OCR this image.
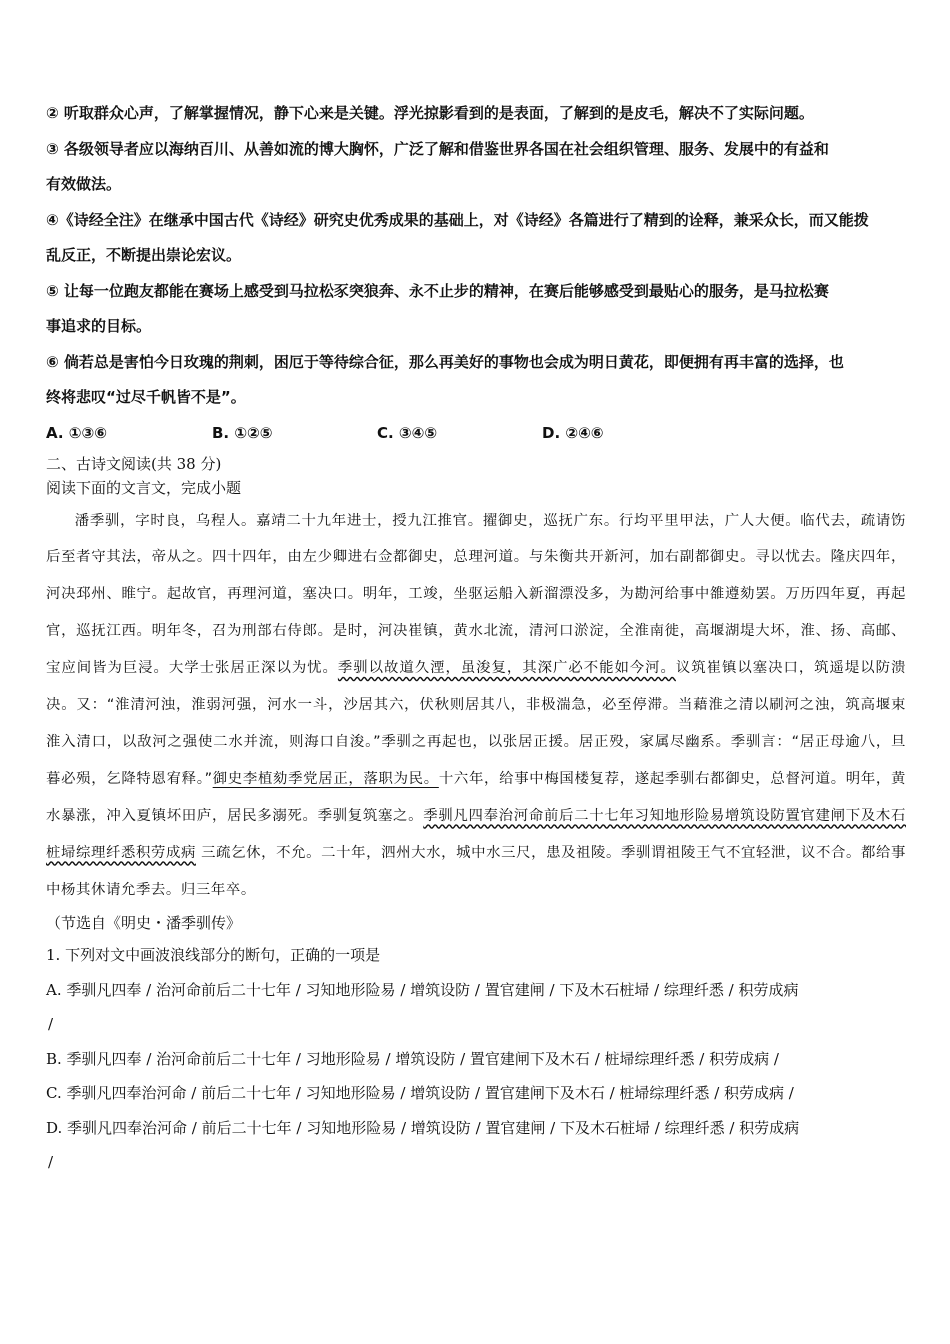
② 听取群众心声，了解掌握情况，静下心来是关键。浮光掠影看到的是表面，了解到的是皮毛，解决不了实际问题。

③ 各级领导者应以海纳百川、从善如流的博大胸怀，广泛了解和借鉴世界各国在社会组织管理、服务、发展中的有益和

有效做法。

④《诗经全注》在继承中国古代《诗经》研究史优秀成果的基础上，对《诗经》各篇进行了精到的诠释，兼采众长，而又能拨

乱反正，不断提出崇论宏议。

⑤ 让每一位跑友都能在赛场上感受到马拉松豕突狼奔、永不止步的精神，在赛后能够感受到最贴心的服务，是马拉松赛

事追求的目标。

⑥ 倘若总是害怕今日玫瑰的荆刺，困厄于等待综合征，那么再美好的事物也会成为明日黄花，即便拥有再丰富的选择，也

终将悲叹“过尽千帆皆不是”。

A. ①③⑥	B. ①②⑤	C. ③④⑤	D. ②④⑥
二、古诗文阅读(共 38 分)
阅读下面的文言文，完成小题

潘季驯，字时良，乌程人。嘉靖二十九年进士，授九江推官。擢御史，巡抚广东。行均平里甲法，广人大便。临代去，疏请饬后至者守其法，帝从之。四十四年，由左少卿进右佥都御史，总理河道。与朱衡共开新河，加右副都御史。寻以忧去。隆庆四年，河决邳州、睢宁。起故官，再理河道，塞决口。明年，工竣，坐驱运船入新溜漂没多，为勘河给事中雒遵劾罢。万历四年夏，再起官，巡抚江西。明年冬，召为刑部右侍郎。是时，河决崔镇，黄水北流，清河口淤淀，全淮南徙，高堰湖堤大坏，淮、扬、高邮、宝应间皆为巨浸。大学士张居正深以为忧。季驯以故道久湮，虽浚复，其深广必不能如今河。议筑崔镇以塞决口，筑遥堤以防溃决。又：“淮清河浊，淮弱河强，河水一斗，沙居其六，伏秋则居其八，非极湍急，必至停滞。当藉淮之清以刷河之浊，筑高堰束淮入清口，以敌河之强使二水并流，则海口自浚。”季驯之再起也，以张居正援。居正殁，家属尽幽系。季驯言：“居正母逾八，旦暮必殒，乞降特恩宥释。”御史李植劾季党居正，落职为民。十六年，给事中梅国楼复荐，遂起季驯右都御史，总督河道。明年，黄水暴涨，冲入夏镇坏田庐，居民多溺死。季驯复筑塞之。季驯凡四奉治河命前后二十七年习知地形险易增筑设防置官建闸下及木石桩埽综理纤悉积劳成病 三疏乞休，不允。二十年，泗州大水，城中水三尺，患及祖陵。季驯谓祖陵王气不宜轻泄，议不合。都给事中杨其休请允季去。归三年卒。

（节选自《明史・潘季驯传》

1. 下列对文中画波浪线部分的断句，正确的一项是

A. 季驯凡四奉 / 治河命前后二十七年 / 习知地形险易 / 增筑设防 / 置官建闸 / 下及木石桩埽 / 综理纤悉 / 积劳成病

/

B. 季驯凡四奉 / 治河命前后二十七年 / 习地形险易 / 增筑设防 / 置官建闸下及木石 / 桩埽综理纤悉 / 积劳成病 /

C. 季驯凡四奉治河命 / 前后二十七年 / 习知地形险易 / 增筑设防 / 置官建闸下及木石 / 桩埽综理纤悉 / 积劳成病 /

D. 季驯凡四奉治河命 / 前后二十七年 / 习知地形险易 / 增筑设防 / 置官建闸 / 下及木石桩埽 / 综理纤悉 / 积劳成病

/
